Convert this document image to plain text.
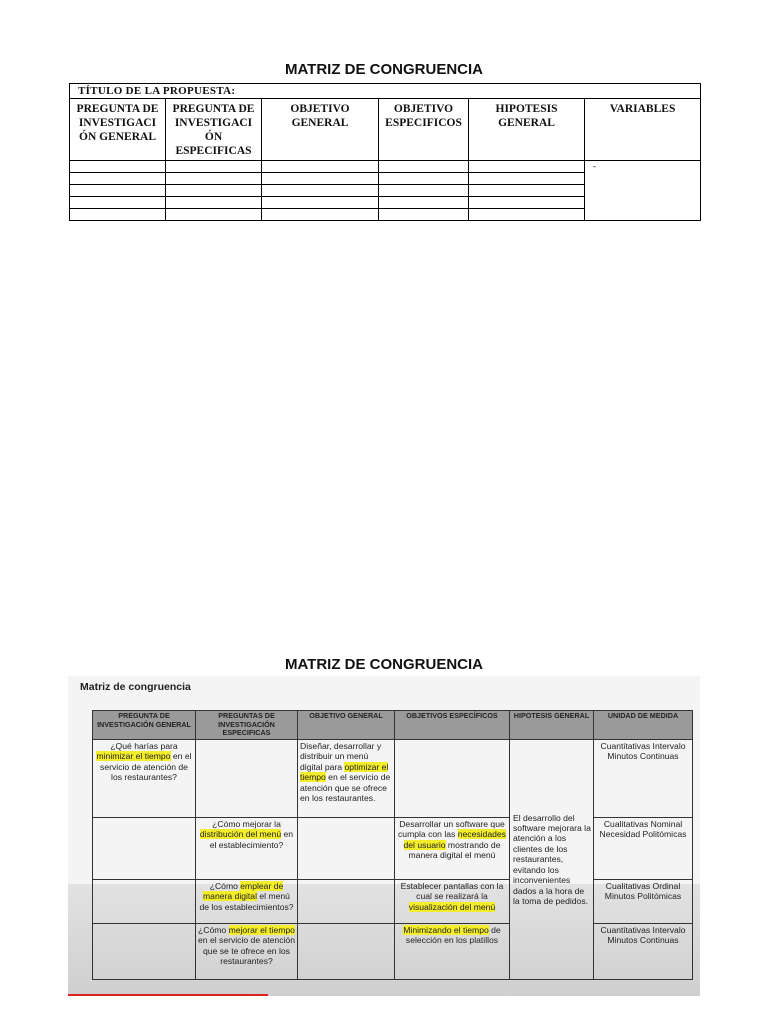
MATRIZ DE CONGRUENCIA
TÍTULO DE LA PROPUESTA:					
PREGUNTA DE INVESTIGACI ÓN GENERAL	PREGUNTA DE INVESTIGACI ÓN ESPECIFICAS	OBJETIVO GENERAL	OBJETIVO ESPECIFICOS	HIPOTESIS GENERAL	VARIABLES
					-

MATRIZ DE CONGRUENCIA
Matriz de congruencia
PREGUNTA DE INVESTIGACIÓN GENERAL	PREGUNTAS DE INVESTIGACIÓN ESPECIFICAS	OBJETIVO GENERAL	OBJETIVOS ESPECÍFICOS	HIPOTESIS GENERAL	UNIDAD DE MEDIDA
¿Qué harías para minimizar el tiempo en el servicio de atención de los restaurantes?		Diseñar, desarrollar y distribuir un menú digital para optimizar el tiempo en el servicio de atención que se ofrece en los restaurantes.		El desarrollo del software mejorara la atención a los clientes de los restaurantes, evitando los inconvenientes dados a la hora de la toma de pedidos.	Cuantitativas Intervalo Minutos Continuas
	¿Cómo mejorar la distribución del menú en el establecimiento?		Desarrollar un software que cumpla con las necesidades del usuario mostrando de manera digital el menú		Cualitativas Nominal Necesidad Politómicas
	¿Cómo emplear de manera digital el menú de los establecimientos?		Establecer pantallas con la cual se realizará la visualización del menú		Cualitativas Ordinal Minutos Politómicas
	¿Cómo mejorar el tiempo en el servicio de atención que se te ofrece en los restaurantes?		Minimizando el tiempo de selección en los platillos		Cuantitativas Intervalo Minutos Continuas
